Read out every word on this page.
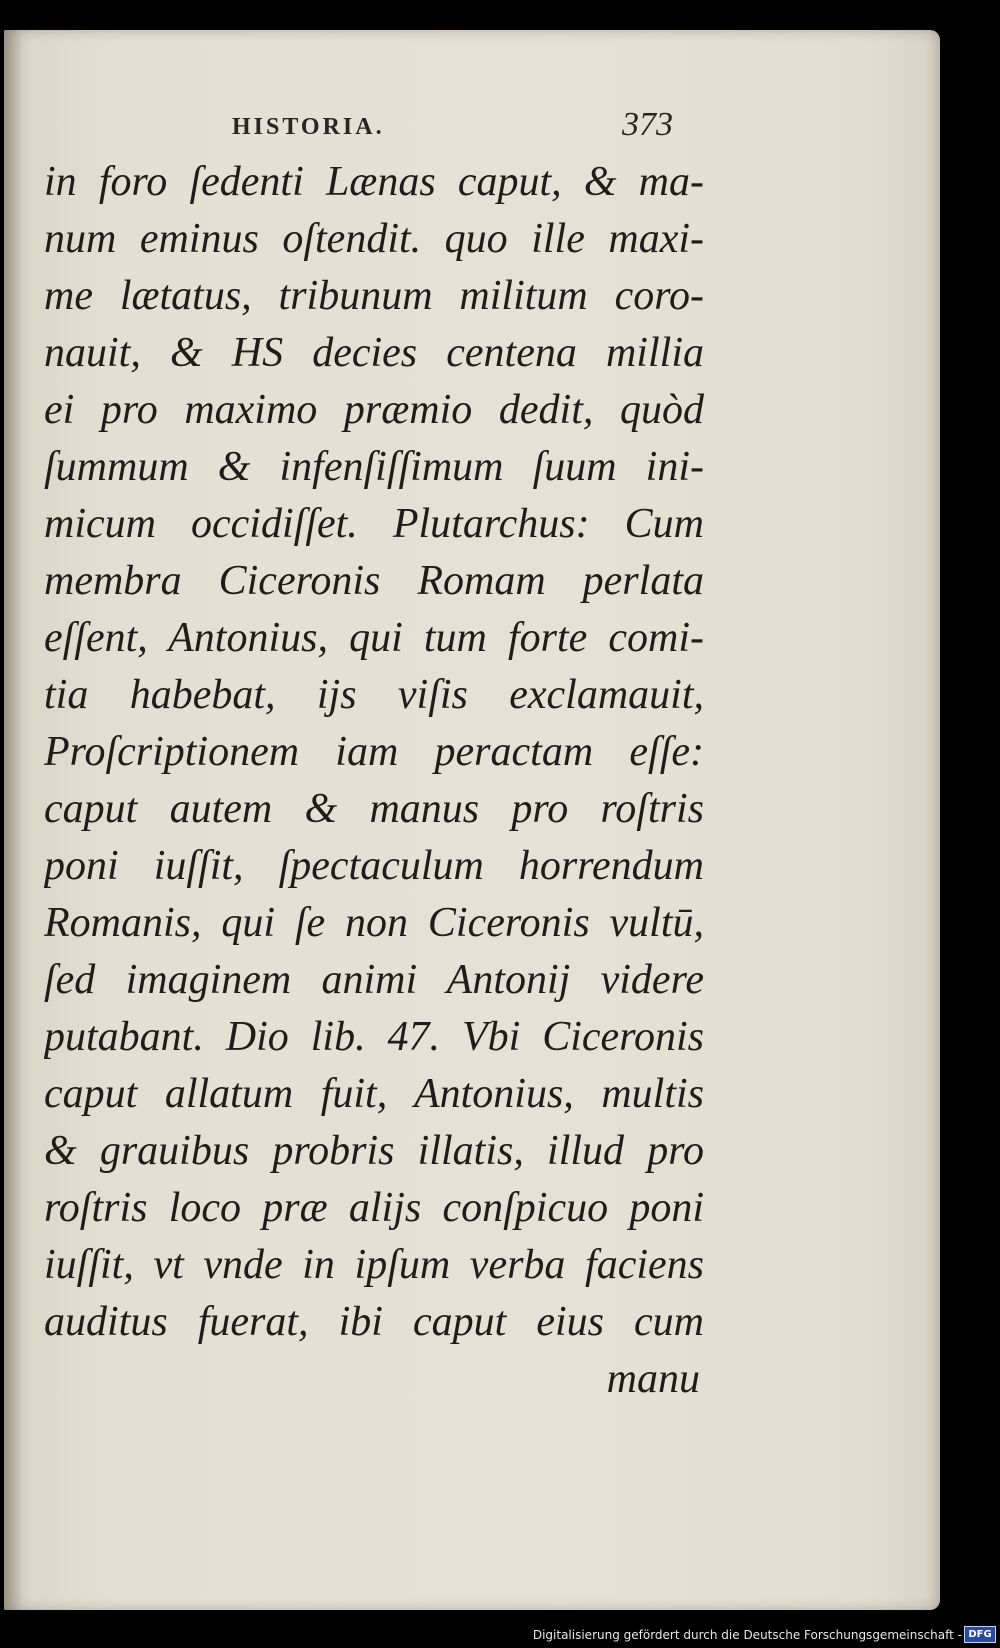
HISTORIA.	373
in foro ſedenti Lænas caput, & ma-
num eminus oſtendit. quo ille maxi-
me lætatus, tribunum militum coro-
nauit, & HS decies centena millia
ei pro maximo præmio dedit, quòd
ſummum & infenſiſſimum ſuum ini-
micum occidiſſet. Plutarchus: Cum
membra Ciceronis Romam perlata
eſſent, Antonius, qui tum forte comi-
tia habebat, ijs viſis exclamauit,
Proſcriptionem iam peractam eſſe:
caput autem & manus pro roſtris
poni iuſſit, ſpectaculum horrendum
Romanis, qui ſe non Ciceronis vultū,
ſed imaginem animi Antonij videre
putabant. Dio lib. 47. Vbi Ciceronis
caput allatum fuit, Antonius, multis
& grauibus probris illatis, illud pro
roſtris loco præ alijs conſpicuo poni
iuſſit, vt vnde in ipſum verba faciens
auditus fuerat, ibi caput eius cum
manu
Digitalisierung gefördert durch die Deutsche Forschungsgemeinschaft - DFG
